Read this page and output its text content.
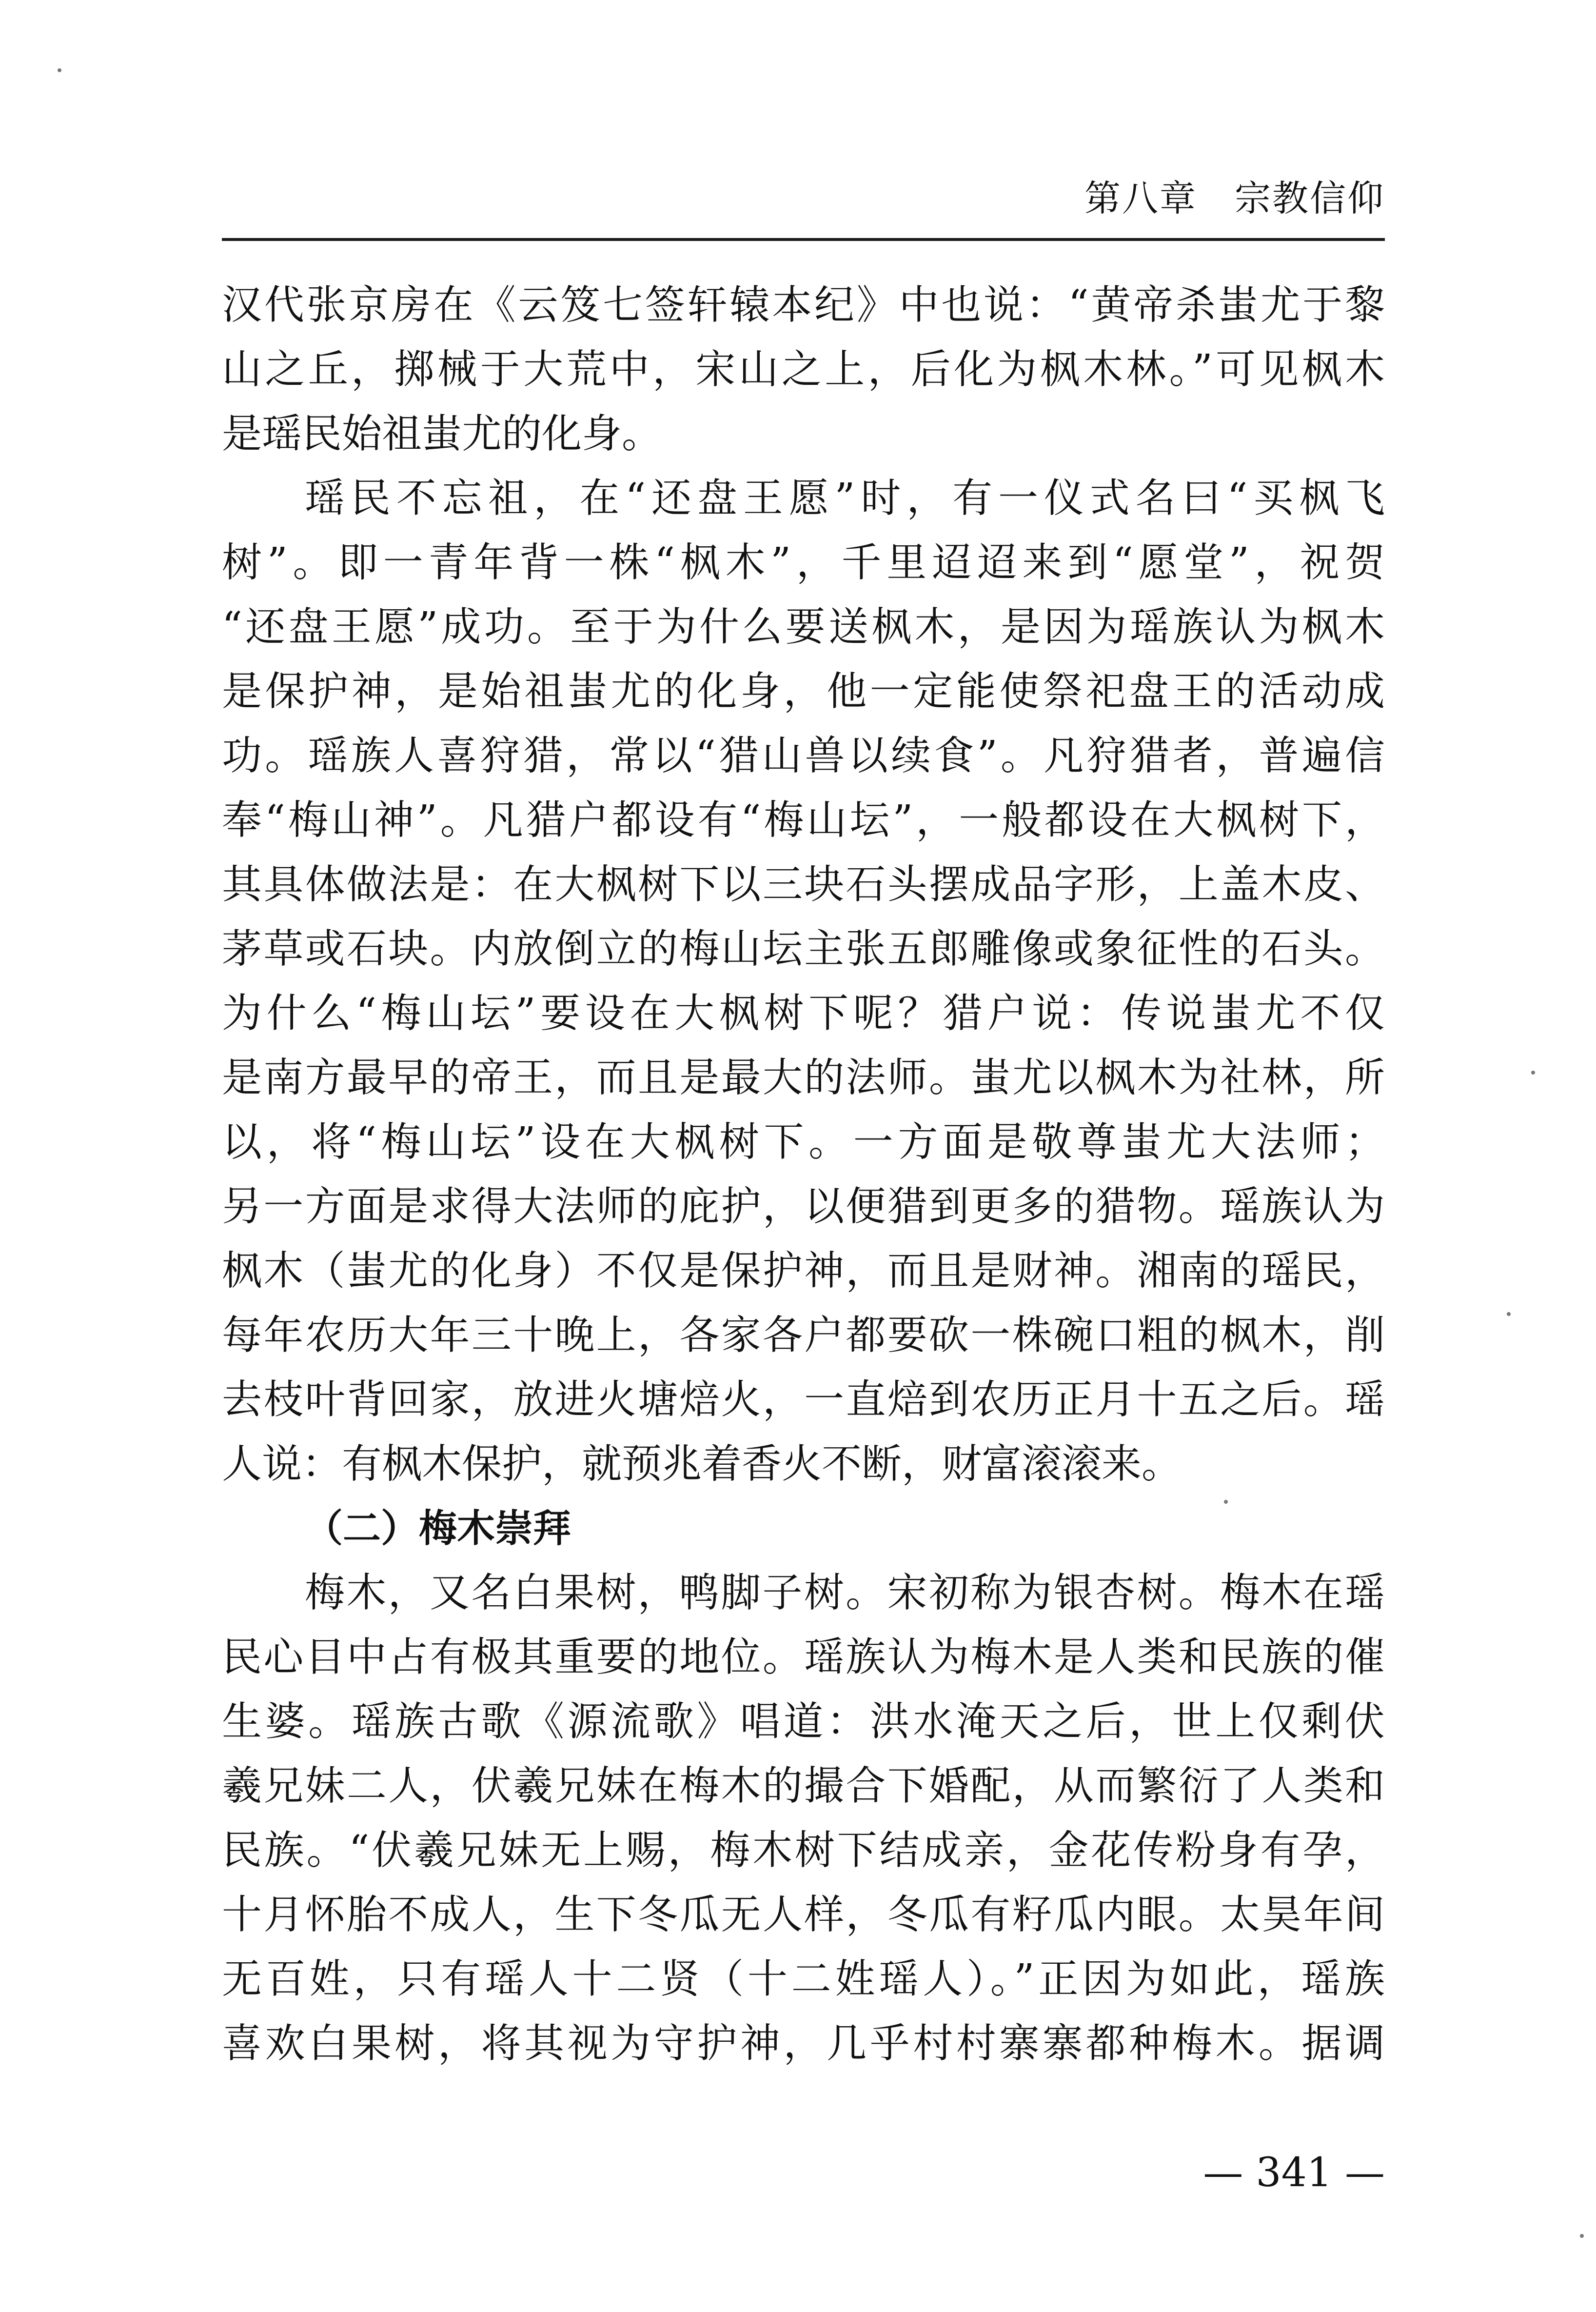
第八章　宗教信仰
汉代张京房在《云笈七签轩辕本纪》中也说：“黄帝杀蚩尤于黎
山之丘，掷械于大荒中，宋山之上，后化为枫木林。”可见枫木
是瑶民始祖蚩尤的化身。
瑶民不忘祖，在“还盘王愿”时，有一仪式名曰“买枫飞
树”。即一青年背一株“枫木”，千里迢迢来到“愿堂”，祝贺
“还盘王愿”成功。至于为什么要送枫木，是因为瑶族认为枫木
是保护神，是始祖蚩尤的化身，他一定能使祭祀盘王的活动成
功。瑶族人喜狩猎，常以“猎山兽以续食”。凡狩猎者，普遍信
奉“梅山神”。凡猎户都设有“梅山坛”，一般都设在大枫树下，
其具体做法是：在大枫树下以三块石头摆成品字形，上盖木皮、
茅草或石块。内放倒立的梅山坛主张五郎雕像或象征性的石头。
为什么“梅山坛”要设在大枫树下呢？猎户说：传说蚩尤不仅
是南方最早的帝王，而且是最大的法师。蚩尤以枫木为社林，所
以，将“梅山坛”设在大枫树下。一方面是敬尊蚩尤大法师；
另一方面是求得大法师的庇护，以便猎到更多的猎物。瑶族认为
枫木（蚩尤的化身）不仅是保护神，而且是财神。湘南的瑶民，
每年农历大年三十晚上，各家各户都要砍一株碗口粗的枫木，削
去枝叶背回家，放进火塘焙火，一直焙到农历正月十五之后。瑶
人说：有枫木保护，就预兆着香火不断，财富滚滚来。
（二）梅木崇拜
梅木，又名白果树，鸭脚子树。宋初称为银杏树。梅木在瑶
民心目中占有极其重要的地位。瑶族认为梅木是人类和民族的催
生婆。瑶族古歌《源流歌》唱道：洪水淹天之后，世上仅剩伏
羲兄妹二人，伏羲兄妹在梅木的撮合下婚配，从而繁衍了人类和
民族。“伏羲兄妹无上赐，梅木树下结成亲，金花传粉身有孕，
十月怀胎不成人，生下冬瓜无人样，冬瓜有籽瓜内眼。太昊年间
无百姓，只有瑶人十二贤（十二姓瑶人）。”正因为如此，瑶族
喜欢白果树，将其视为守护神，几乎村村寨寨都种梅木。据调
— 341 —
